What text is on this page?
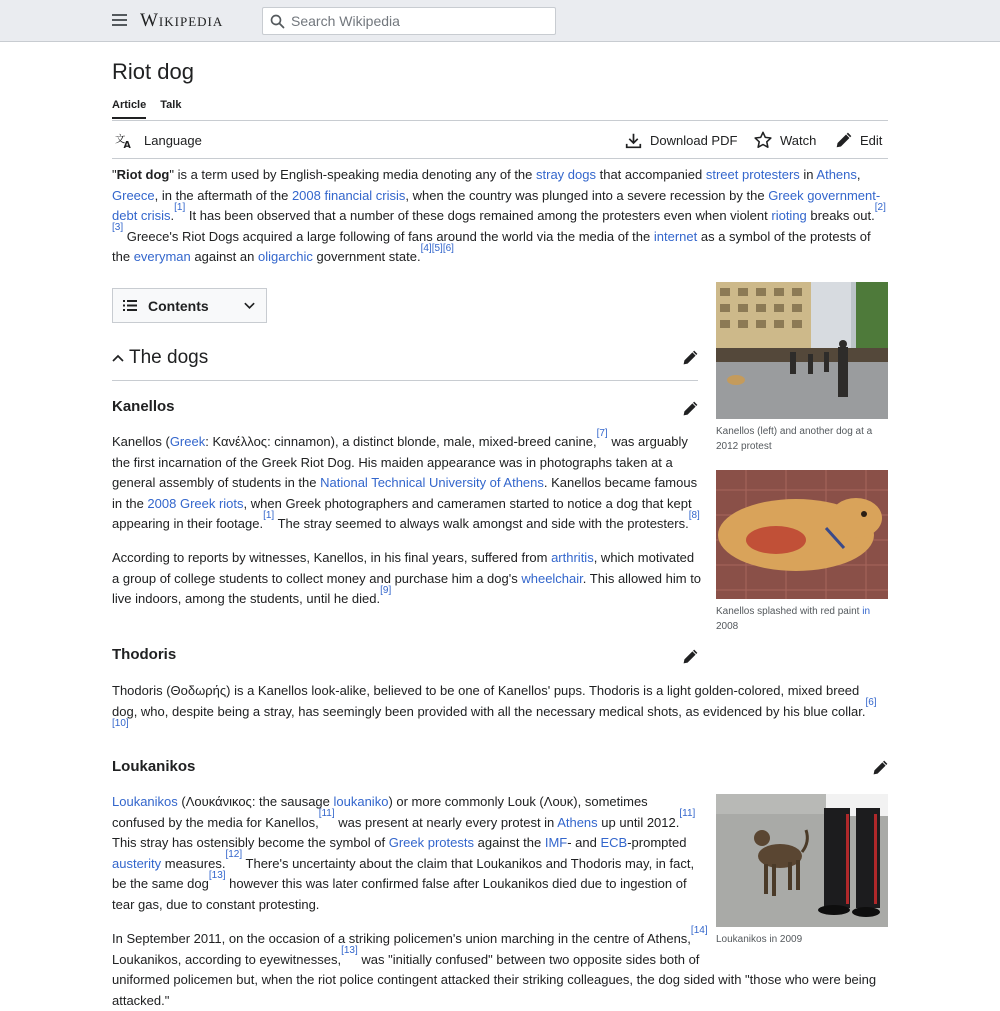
Wikipedia
Search Wikipedia
Riot dog
Article Talk
文
A Language	Download PDF	Watch	Edit
"Riot dog" is a term used by English-speaking media denoting any of the stray dogs that accompanied street protesters in Athens, Greece, in the aftermath of the 2008 financial crisis, when the country was plunged into a severe recession by the Greek government-debt crisis.[1] It has been observed that a number of these dogs remained among the protesters even when violent rioting breaks out.[2][3] Greece's Riot Dogs acquired a large following of fans around the world via the media of the internet as a symbol of the protests of the everyman against an oligarchic government state.[4][5][6]
Contents
The dogs
Kanellos (left) and another dog at a 2012 protest
Kanellos
Kanellos (Greek: Κανέλλος: cinnamon), a distinct blonde, male, mixed-breed canine,[7] was arguably the first incarnation of the Greek Riot Dog. His maiden appearance was in photographs taken at a general assembly of students in the National Technical University of Athens. Kanellos became famous in the 2008 Greek riots, when Greek photographers and cameramen started to notice a dog that kept appearing in their footage.[1] The stray seemed to always walk amongst and side with the protesters.[8]
According to reports by witnesses, Kanellos, in his final years, suffered from arthritis, which motivated a group of college students to collect money and purchase him a dog's wheelchair. This allowed him to live indoors, among the students, until he died.[9]
Kanellos splashed with red paint in
2008
Thodoris
Thodoris (Θοδωρής) is a Kanellos look-alike, believed to be one of Kanellos' pups. Thodoris is a light golden-colored, mixed breed dog, who, despite being a stray, has seemingly been provided with all the necessary medical shots, as evidenced by his blue collar.[6][10]
Loukanikos
Loukanikos in 2009
Loukanikos (Λουκάνικος: the sausage loukaniko) or more commonly Louk (Λουκ), sometimes confused by the media for Kanellos,[11] was present at nearly every protest in Athens up until 2012.[11] This stray has ostensibly become the symbol of Greek protests against the IMF- and ECB-prompted austerity measures.[12] There's uncertainty about the claim that Loukanikos and Thodoris may, in fact, be the same dog[13] however this was later confirmed false after Loukanikos died due to ingestion of tear gas, due to constant protesting.
In September 2011, on the occasion of a striking policemen's union marching in the centre of Athens,[14]
Loukanikos, according to eyewitnesses,[13] was "initially confused" between two opposite sides both of
uniformed policemen but, when the riot police contingent attacked their striking colleagues, the dog sided with "those who were being attacked."
